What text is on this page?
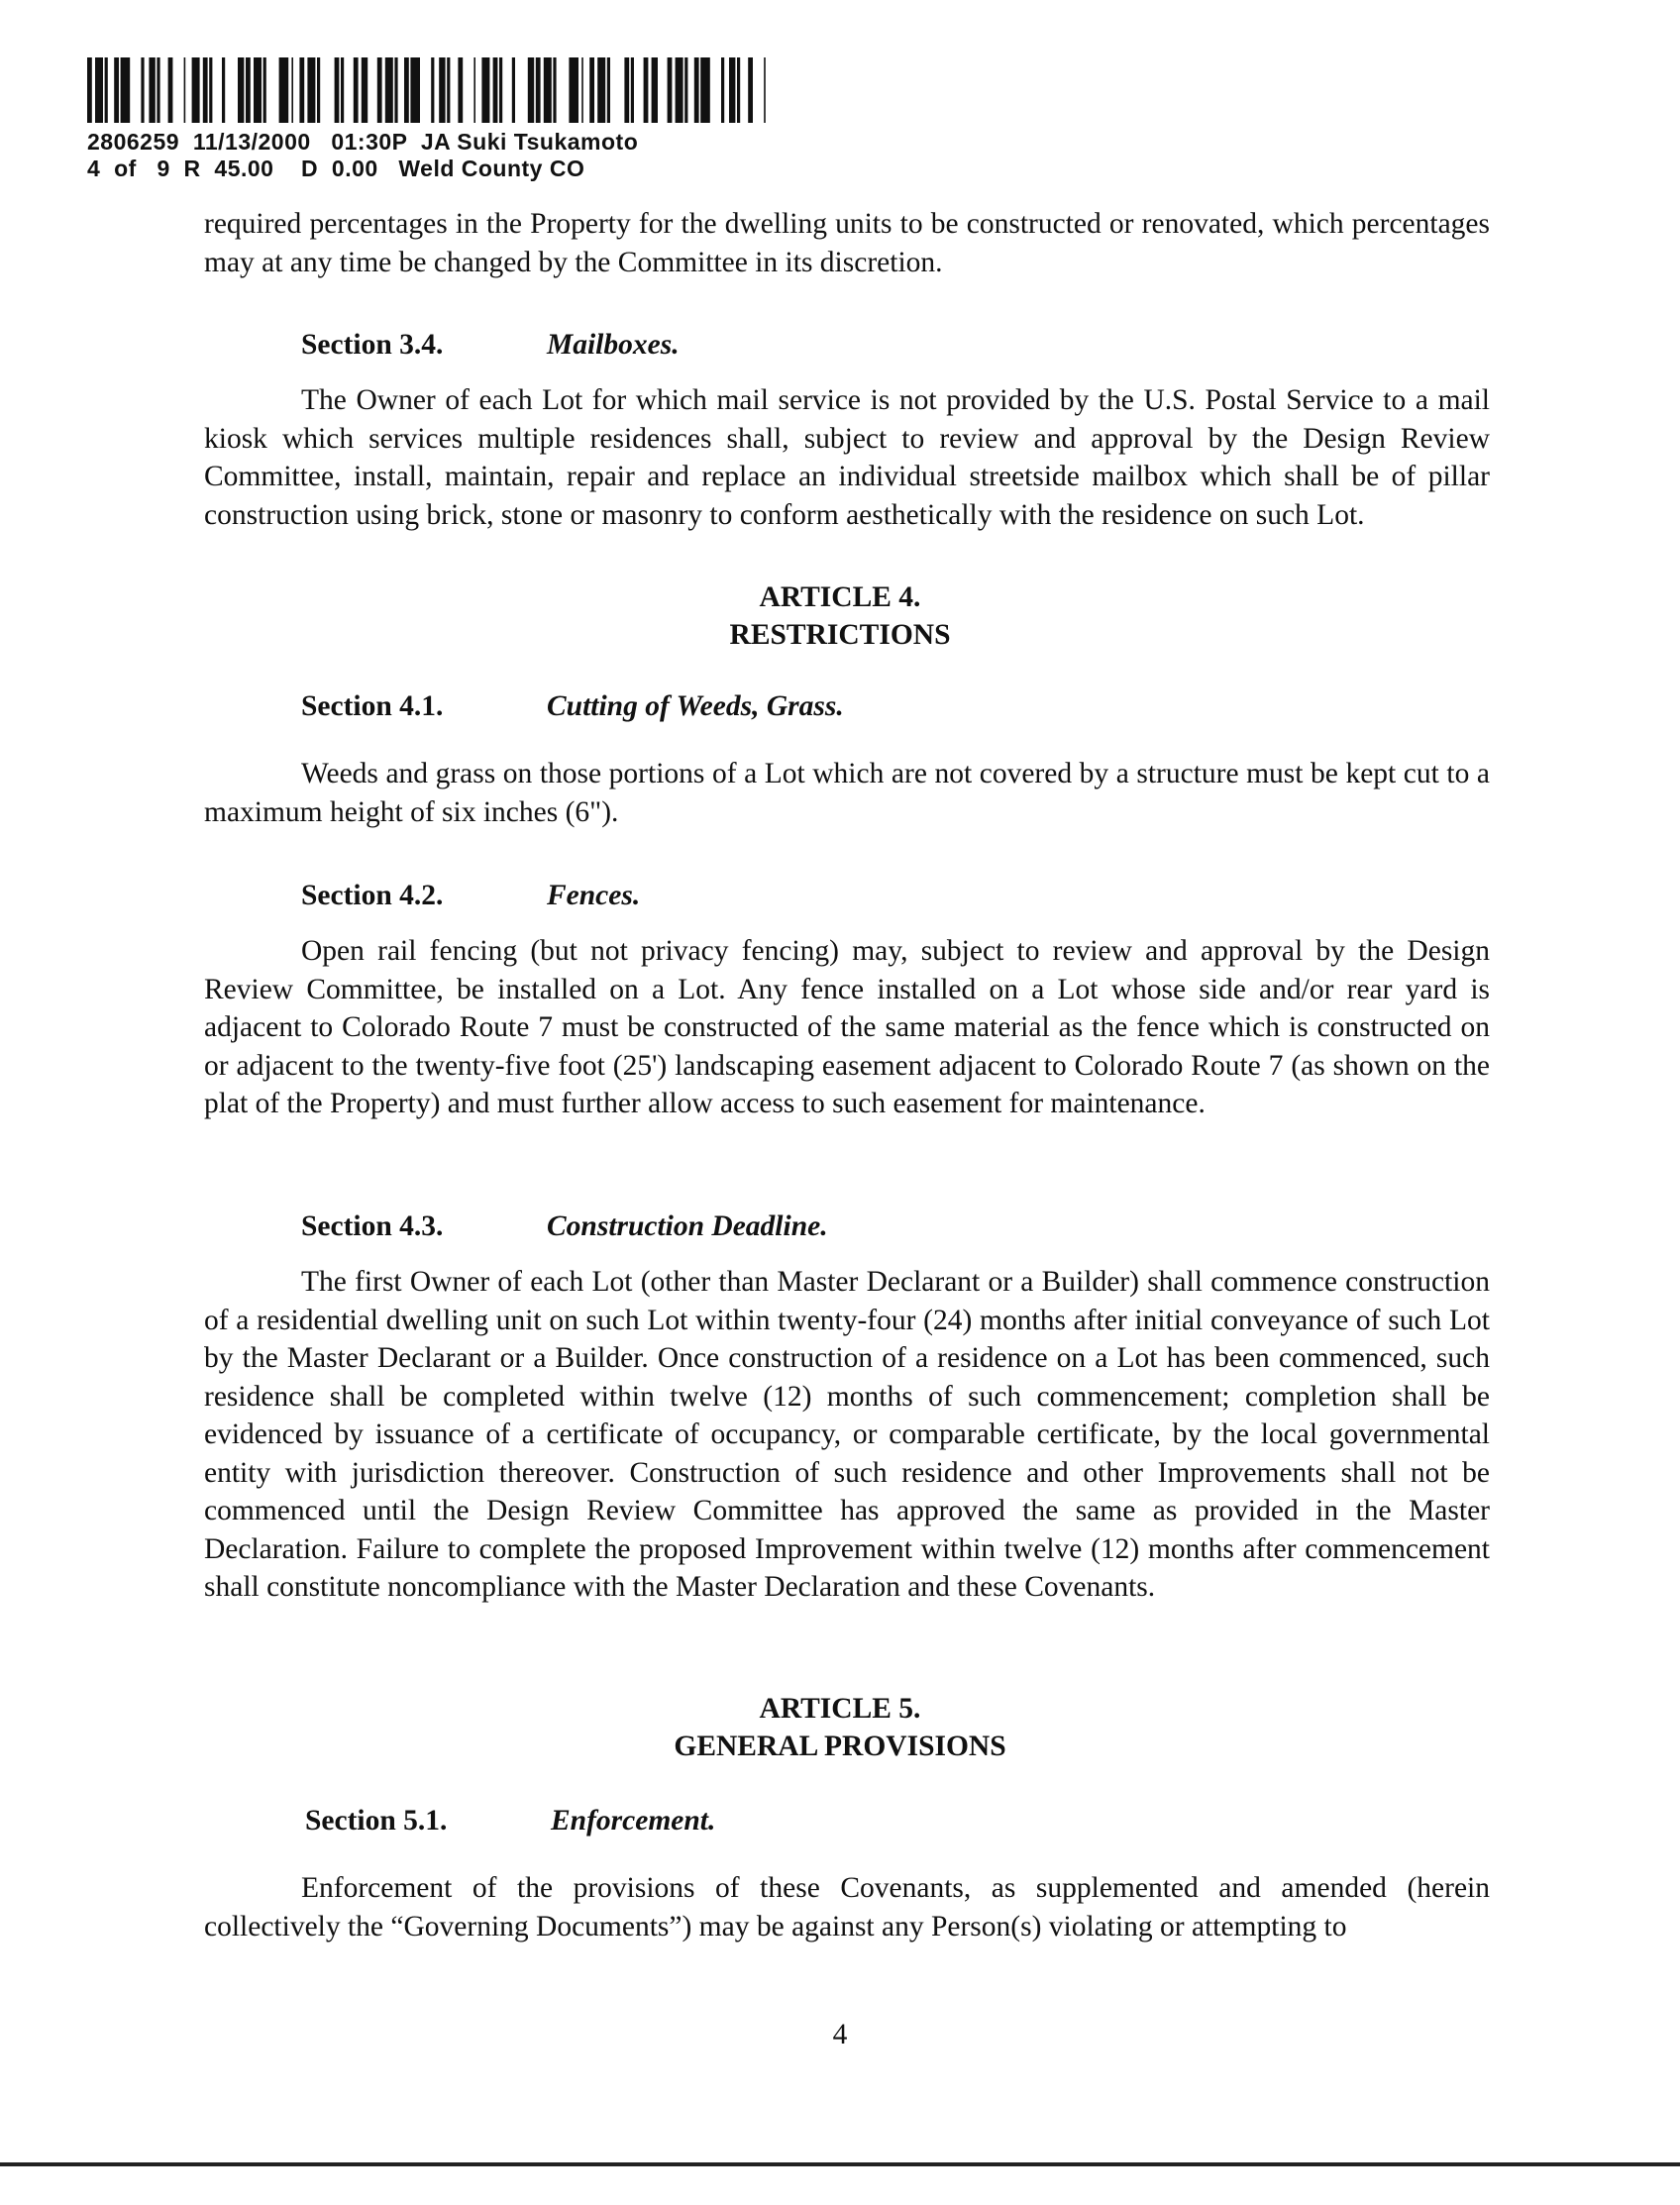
2806259  11/13/2000   01:30P  JA Suki Tsukamoto
4  of   9  R  45.00    D  0.00   Weld County CO

required percentages in the Property for the dwelling units to be constructed or renovated, which percentages may at any time be changed by the Committee in its discretion.

Section 3.4.	Mailboxes.

The Owner of each Lot for which mail service is not provided by the U.S. Postal Service to a mail kiosk which services multiple residences shall, subject to review and approval by the Design Review Committee, install, maintain, repair and replace an individual streetside mailbox which shall be of pillar construction using brick, stone or masonry to conform aesthetically with the residence on such Lot.

ARTICLE 4.
RESTRICTIONS
Section 4.1.	Cutting of Weeds, Grass.

Weeds and grass on those portions of a Lot which are not covered by a structure must be kept cut to a maximum height of six inches (6").

Section 4.2.	Fences.

Open rail fencing (but not privacy fencing) may, subject to review and approval by the Design Review Committee, be installed on a Lot. Any fence installed on a Lot whose side and/or rear yard is adjacent to Colorado Route 7 must be constructed of the same material as the fence which is constructed on or adjacent to the twenty-five foot (25') landscaping easement adjacent to Colorado Route 7 (as shown on the plat of the Property) and must further allow access to such easement for maintenance.

Section 4.3.	Construction Deadline.

The first Owner of each Lot (other than Master Declarant or a Builder) shall commence construction of a residential dwelling unit on such Lot within twenty-four (24) months after initial conveyance of such Lot by the Master Declarant or a Builder. Once construction of a residence on a Lot has been commenced, such residence shall be completed within twelve (12) months of such commencement; completion shall be evidenced by issuance of a certificate of occupancy, or comparable certificate, by the local governmental entity with jurisdiction thereover. Construction of such residence and other Improvements shall not be commenced until the Design Review Committee has approved the same as provided in the Master Declaration. Failure to complete the proposed Improvement within twelve (12) months after commencement shall constitute noncompliance with the Master Declaration and these Covenants.

ARTICLE 5.
GENERAL PROVISIONS
Section 5.1.	Enforcement.

Enforcement of the provisions of these Covenants, as supplemented and amended (herein collectively the “Governing Documents”) may be against any Person(s) violating or attempting to

4
